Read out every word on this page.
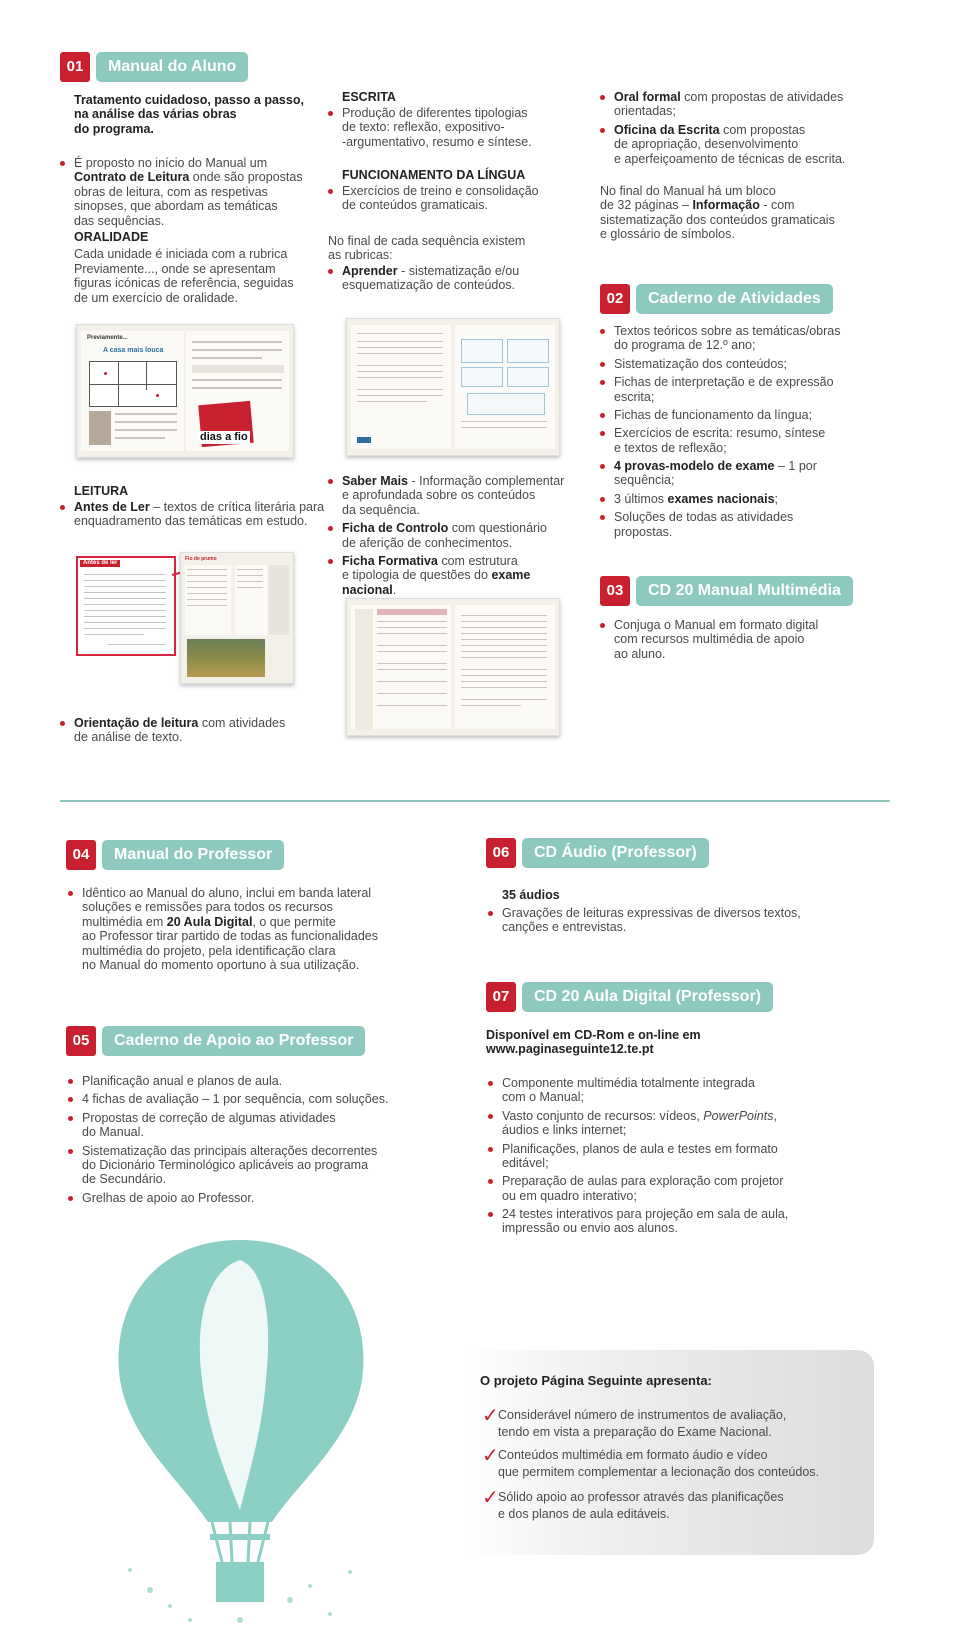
01	Manual do Aluno

Tratamento cuidadoso, passo a passo,

na análise das várias obras

do programa.

É proposto no início do Manual um

Contrato de Leitura onde são propostas

obras de leitura, com as respetivas

sinopses, que abordam as temáticas

das sequências.

ORALIDADE

Cada unidade é iniciada com a rubrica

Previamente..., onde se apresentam

figuras icónicas de referência, seguidas

de um exercício de oralidade.

Previamente...
A casa mais louca
dias a fio

LEITURA

Antes de Ler – textos de crítica literária para

enquadramento das temáticas em estudo.

Antes de ler
Fio de prumo

Orientação de leitura com atividades

de análise de texto.

ESCRITA

Produção de diferentes tipologias

de texto: reflexão, expositivo-

-argumentativo, resumo e síntese.

FUNCIONAMENTO DA LÍNGUA

Exercícios de treino e consolidação

de conteúdos gramaticais.

No final de cada sequência existem

as rubricas:

Aprender - sistematização e/ou

esquematização de conteúdos.

Saber Mais - Informação complementar

e aprofundada sobre os conteúdos

da sequência.

Ficha de Controlo com questionário

de aferição de conhecimentos.

Ficha Formativa com estrutura

e tipologia de questões do exame nacional.

Oral formal com propostas de atividades

orientadas;

Oficina da Escrita com propostas

de apropriação, desenvolvimento

e aperfeiçoamento de técnicas de escrita.

No final do Manual há um bloco

de 32 páginas – Informação - com

sistematização dos conteúdos gramaticais

e glossário de símbolos.

02	Caderno de Atividades

Textos teóricos sobre as temáticas/obras

do programa de 12.º ano;

Sistematização dos conteúdos;

Fichas de interpretação e de expressão

escrita;

Fichas de funcionamento da língua;

Exercícios de escrita: resumo, síntese

e textos de reflexão;

4 provas-modelo de exame – 1 por

sequência;

3 últimos exames nacionais;

Soluções de todas as atividades

propostas.

03	CD 20 Manual Multimédia

Conjuga o Manual em formato digital

com recursos multimédia de apoio

ao aluno.

04	Manual do Professor

Idêntico ao Manual do aluno, inclui em banda lateral

soluções e remissões para todos os recursos

multimédia em 20 Aula Digital, o que permite

ao Professor tirar partido de todas as funcionalidades

multimédia do projeto, pela identificação clara

no Manual do momento oportuno à sua utilização.

05	Caderno de Apoio ao Professor

Planificação anual e planos de aula.

4 fichas de avaliação – 1 por sequência, com soluções.

Propostas de correção de algumas atividades

do Manual.

Sistematização das principais alterações decorrentes

do Dicionário Terminológico aplicáveis ao programa

de Secundário.

Grelhas de apoio ao Professor.

06	CD Áudio (Professor)

35 áudios

Gravações de leituras expressivas de diversos textos,

canções e entrevistas.

07	CD 20 Aula Digital (Professor)

Disponível em CD-Rom e on-line em

www.paginaseguinte12.te.pt

Componente multimédia totalmente integrada

com o Manual;

Vasto conjunto de recursos: vídeos, PowerPoints,

áudios e links internet;

Planificações, planos de aula e testes em formato

editável;

Preparação de aulas para exploração com projetor

ou em quadro interativo;

24 testes interativos para projeção em sala de aula,

impressão ou envio aos alunos.

O projeto Página Seguinte apresenta:
✓ Considerável número de instrumentos de avaliação,

tendo em vista a preparação do Exame Nacional.

✓ Conteúdos multimédia em formato áudio e vídeo

que permitem complementar a lecionação dos conteúdos.

✓ Sólido apoio ao professor através das planificações

e dos planos de aula editáveis.
